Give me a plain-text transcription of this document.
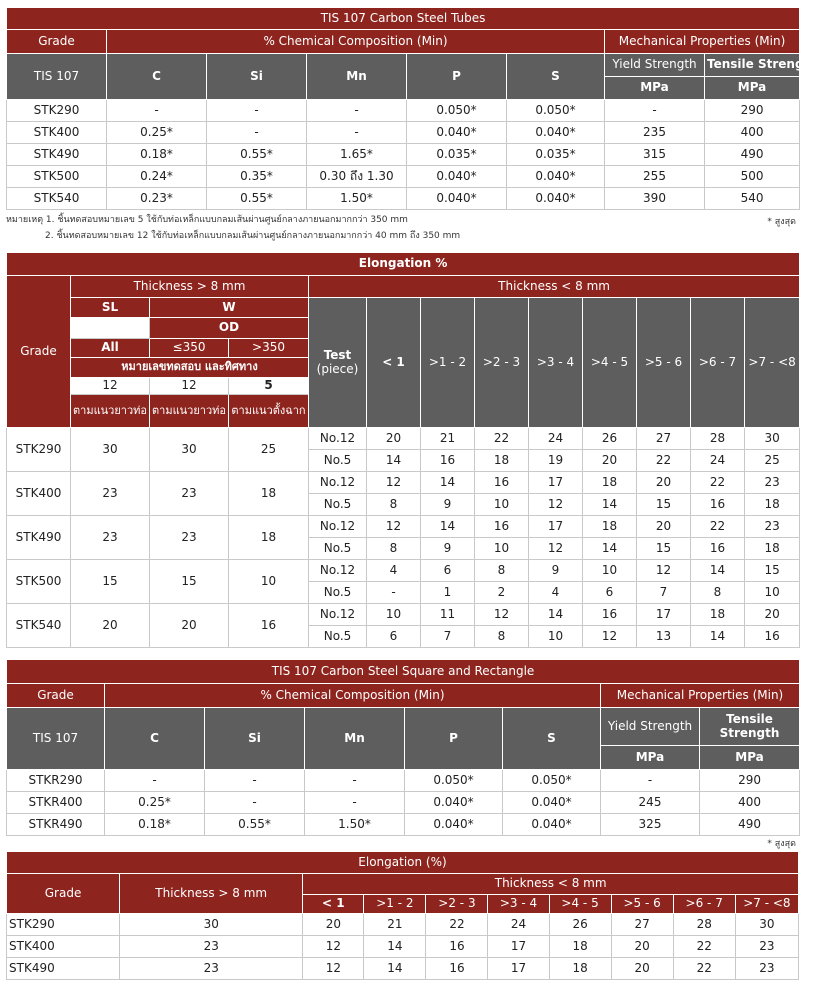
TIS 107 Carbon Steel Tubes							
Grade	% Chemical Composition (Min)					Mechanical Properties (Min)	
TIS 107	C	Si	Mn	P	S	Yield Strength	Tensile Strength
						MPa	MPa
STK290	-	-	-	0.050*	0.050*	-	290
STK400	0.25*	-	-	0.040*	0.040*	235	400
STK490	0.18*	0.55*	1.65*	0.035*	0.035*	315	490
STK500	0.24*	0.35*	0.30 ถึง 1.30	0.040*	0.040*	255	500
STK540	0.23*	0.55*	1.50*	0.040*	0.040*	390	540
หมายเหตุ 1. ชิ้นทดสอบหมายเลข 5 ใช้กับท่อเหล็กแบบกลมเส้นผ่านศูนย์กลางภายนอกมากกว่า 350 mm
2. ชิ้นทดสอบหมายเลข 12 ใช้กับท่อเหล็กแบบกลมเส้นผ่านศูนย์กลางภายนอกมากกว่า 40 mm ถึง 350 mm
* สูงสุด
Elongation %												
Grade	Thickness > 8 mm			Thickness < 8 mm								
	SL	W		Test
(piece)	< 1	>1 - 2	>2 - 3	>3 - 4	>4 - 5	>5 - 6	>6 - 7	>7 - <8
		OD										
	All	≤350	>350									
	หมายเลขทดสอบ และทิศทาง											
	12	12	5									
	ตามแนวยาวท่อ	ตามแนวยาวท่อ	ตามแนวตั้งฉาก									
STK290	30	30	25	No.12	20	21	22	24	26	27	28	30
				No.5	14	16	18	19	20	22	24	25
STK400	23	23	18	No.12	12	14	16	17	18	20	22	23
				No.5	8	9	10	12	14	15	16	18
STK490	23	23	18	No.12	12	14	16	17	18	20	22	23
				No.5	8	9	10	12	14	15	16	18
STK500	15	15	10	No.12	4	6	8	9	10	12	14	15
				No.5	-	1	2	4	6	7	8	10
STK540	20	20	16	No.12	10	11	12	14	16	17	18	20
				No.5	6	7	8	10	12	13	14	16
TIS 107 Carbon Steel Square and Rectangle							
Grade	% Chemical Composition (Min)					Mechanical Properties (Min)	
TIS 107	C	Si	Mn	P	S	Yield Strength	Tensile Strength
						MPa	MPa
STKR290	-	-	-	0.050*	0.050*	-	290
STKR400	0.25*	-	-	0.040*	0.040*	245	400
STKR490	0.18*	0.55*	1.50*	0.040*	0.040*	325	490
* สูงสุด
Elongation (%)									
Grade	Thickness > 8 mm	Thickness < 8 mm							
		< 1	>1 - 2	>2 - 3	>3 - 4	>4 - 5	>5 - 6	>6 - 7	>7 - <8
STK290	30	20	21	22	24	26	27	28	30
STK400	23	12	14	16	17	18	20	22	23
STK490	23	12	14	16	17	18	20	22	23
